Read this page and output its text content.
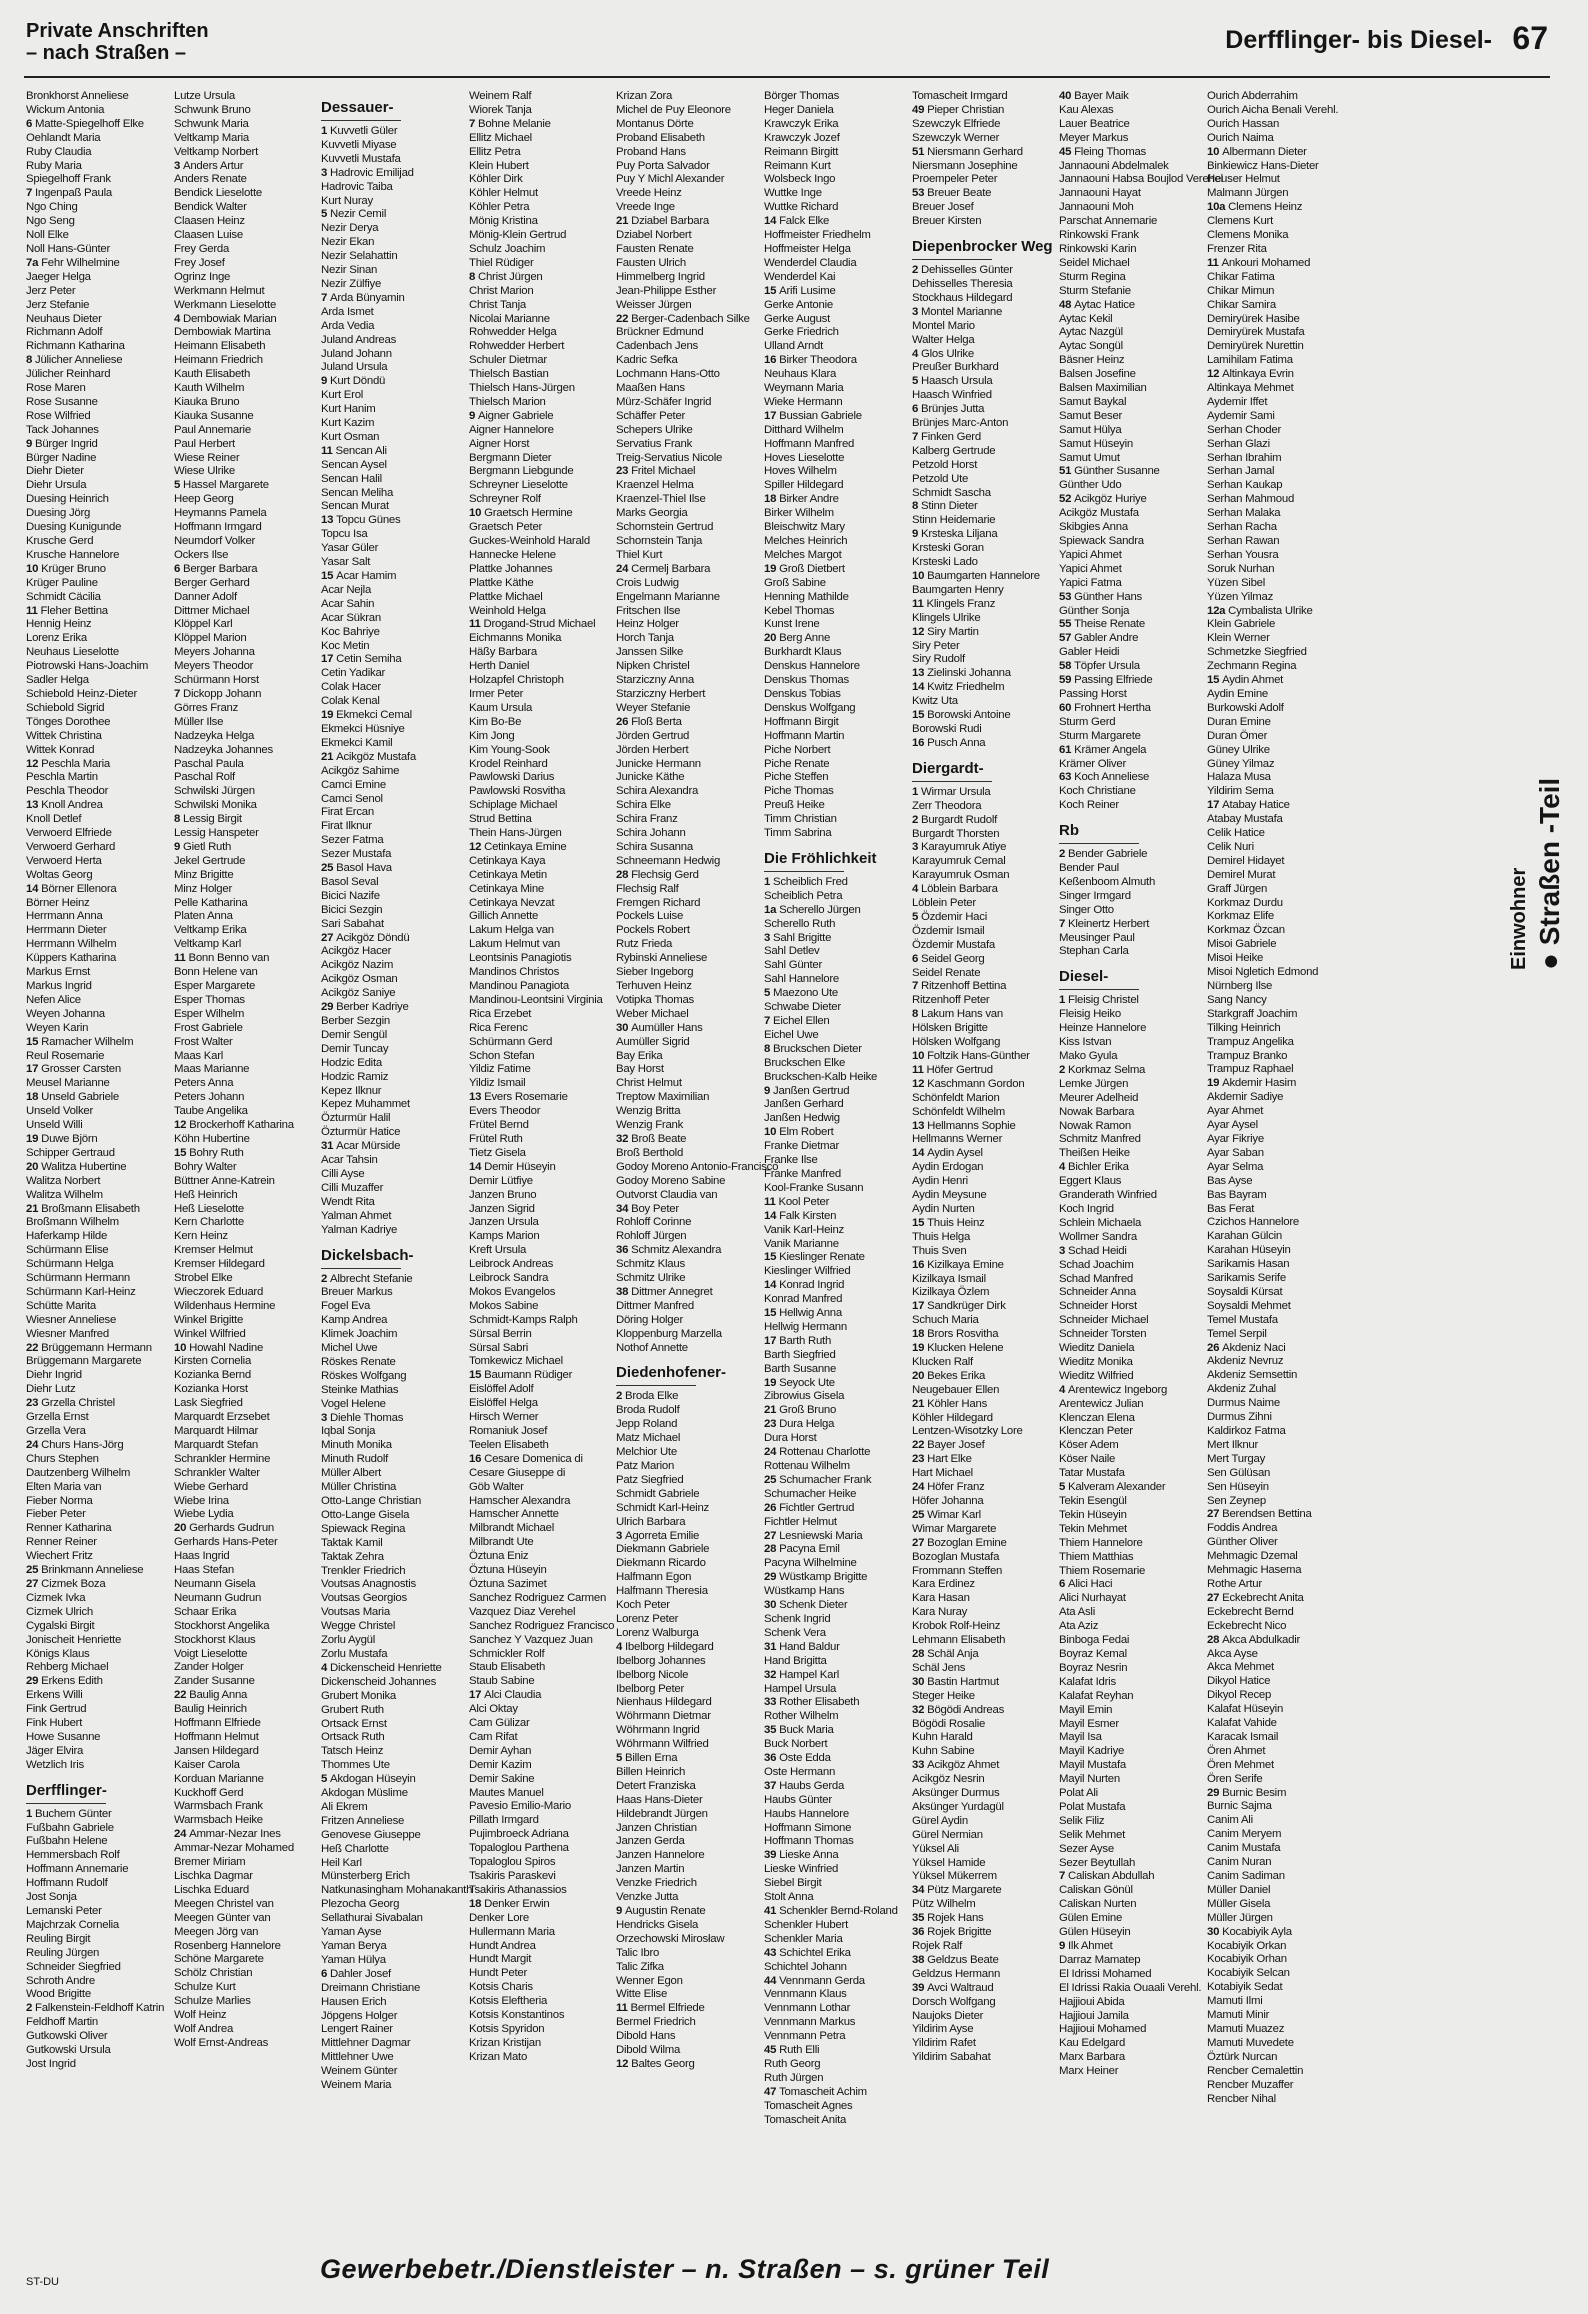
Private Anschriften
– nach Straßen –	Derfflinger- bis Diesel- 67
Bronkhorst Anneliese
Wickum Antonia
6 Matte-Spiegelhoff Elke
Oehlandt Maria
Ruby Claudia
Ruby Maria
Spiegelhoff Frank
7 Ingenpaß Paula
Ngo Ching
Ngo Seng
Noll Elke
Noll Hans-Günter
7a Fehr Wilhelmine
Jaeger Helga
Jerz Peter
Jerz Stefanie
Neuhaus Dieter
Richmann Adolf
Richmann Katharina
8 Jülicher Anneliese
Jülicher Reinhard
Rose Maren
Rose Susanne
Rose Wilfried
Tack Johannes
9 Bürger Ingrid
Bürger Nadine
Diehr Dieter
Diehr Ursula
Duesing Heinrich
Duesing Jörg
Duesing Kunigunde
Krusche Gerd
Krusche Hannelore
10 Krüger Bruno
Krüger Pauline
Schmidt Cäcilia
11 Fleher Bettina
Hennig Heinz
Lorenz Erika
Neuhaus Lieselotte
Piotrowski Hans-Joachim
Sadler Helga
Schiebold Heinz-Dieter
Schiebold Sigrid
Tönges Dorothee
Wittek Christina
Wittek Konrad
12 Peschla Maria
Peschla Martin
Peschla Theodor
13 Knoll Andrea
Knoll Detlef
Verwoerd Elfriede
Verwoerd Gerhard
Verwoerd Herta
Woltas Georg
14 Börner Ellenora
Börner Heinz
Herrmann Anna
Herrmann Dieter
Herrmann Wilhelm
Küppers Katharina
Markus Ernst
Markus Ingrid
Nefen Alice
Weyen Johanna
Weyen Karin
15 Ramacher Wilhelm
Reul Rosemarie
17 Grosser Carsten
Meusel Marianne
18 Unseld Gabriele
Unseld Volker
Unseld Willi
19 Duwe Björn
Schipper Gertraud
20 Walitza Hubertine
Walitza Norbert
Walitza Wilhelm
21 Broßmann Elisabeth
Broßmann Wilhelm
Haferkamp Hilde
Schürmann Elise
Schürmann Helga
Schürmann Hermann
Schürmann Karl-Heinz
Schütte Marita
Wiesner Anneliese
Wiesner Manfred
22 Brüggemann Hermann
Brüggemann Margarete
Diehr Ingrid
Diehr Lutz
23 Grzella Christel
Grzella Ernst
Grzella Vera
24 Churs Hans-Jörg
Churs Stephen
Dautzenberg Wilhelm
Elten Maria van
Fieber Norma
Fieber Peter
Renner Katharina
Renner Reiner
Wiechert Fritz
25 Brinkmann Anneliese
27 Cizmek Boza
Cizmek Ivka
Cizmek Ulrich
Cygalski Birgit
Jonischeit Henriette
Königs Klaus
Rehberg Michael
29 Erkens Edith
Erkens Willi
Fink Gertrud
Fink Hubert
Howe Susanne
Jäger Elvira
Wetzlich Iris
Derfflinger-
1 Buchem Günter
Fußbahn Gabriele
Fußbahn Helene
Hemmersbach Rolf
Hoffmann Annemarie
Hoffmann Rudolf
Jost Sonja
Lemanski Peter
Majchrzak Cornelia
Reuling Birgit
Reuling Jürgen
Schneider Siegfried
Schroth Andre
Wood Brigitte
2 Falkenstein-Feldhoff Katrin
Feldhoff Martin
Gutkowski Oliver
Gutkowski Ursula
Jost Ingrid
Lutze Ursula
Schwunk Bruno
Schwunk Maria
Veltkamp Maria
Veltkamp Norbert
3 Anders Artur
Anders Renate
Bendick Lieselotte
Bendick Walter
Claasen Heinz
Claasen Luise
Frey Gerda
Frey Josef
Ogrinz Inge
Werkmann Helmut
Werkmann Lieselotte
4 Dembowiak Marian
Dembowiak Martina
Heimann Elisabeth
Heimann Friedrich
Kauth Elisabeth
Kauth Wilhelm
Kiauka Bruno
Kiauka Susanne
Paul Annemarie
Paul Herbert
Wiese Reiner
Wiese Ulrike
5 Hassel Margarete
Heep Georg
Heymanns Pamela
Hoffmann Irmgard
Neumdorf Volker
Ockers Ilse
6 Berger Barbara
Berger Gerhard
Danner Adolf
Dittmer Michael
Klöppel Karl
Klöppel Marion
Meyers Johanna
Meyers Theodor
Schürmann Horst
7 Dickopp Johann
Görres Franz
Müller Ilse
Nadzeyka Helga
Nadzeyka Johannes
Paschal Paula
Paschal Rolf
Schwilski Jürgen
Schwilski Monika
8 Lessig Birgit
Lessig Hanspeter
9 Gietl Ruth
Jekel Gertrude
Minz Brigitte
Minz Holger
Pelle Katharina
Platen Anna
Veltkamp Erika
Veltkamp Karl
11 Bonn Benno van
Bonn Helene van
Esper Margarete
Esper Thomas
Esper Wilhelm
Frost Gabriele
Frost Walter
Maas Karl
Maas Marianne
Peters Anna
Peters Johann
Taube Angelika
12 Brockerhoff Katharina
Köhn Hubertine
15 Bohry Ruth
Bohry Walter
Büttner Anne-Katrein
Heß Heinrich
Heß Lieselotte
Kern Charlotte
Kern Heinz
Kremser Helmut
Kremser Hildegard
Strobel Elke
Wieczorek Eduard
Wildenhaus Hermine
Winkel Brigitte
Winkel Wilfried
10 Howahl Nadine
Kirsten Cornelia
Kozianka Bernd
Kozianka Horst
Lask Siegfried
Marquardt Erzsebet
Marquardt Hilmar
Marquardt Stefan
Schrankler Hermine
Schrankler Walter
Wiebe Gerhard
Wiebe Irina
Wiebe Lydia
20 Gerhards Gudrun
Gerhards Hans-Peter
Haas Ingrid
Haas Stefan
Neumann Gisela
Neumann Gudrun
Schaar Erika
Stockhorst Angelika
Stockhorst Klaus
Voigt Lieselotte
Zander Holger
Zander Susanne
22 Baulig Anna
Baulig Heinrich
Hoffmann Elfriede
Hoffmann Helmut
Jansen Hildegard
Kaiser Carola
Korduan Marianne
Kuckhoff Gerd
Warmsbach Frank
Warmsbach Heike
24 Ammar-Nezar Ines
Ammar-Nezar Mohamed
Bremer Miriam
Lischka Dagmar
Lischka Eduard
Meegen Christel van
Meegen Günter van
Meegen Jörg van
Rosenberg Hannelore
Schöne Margarete
Schölz Christian
Schulze Kurt
Schulze Marlies
Wolf Heinz
Wolf Andrea
Wolf Ernst-Andreas
Dessauer-
1 Kuvvetli Güler
Kuvvetli Miyase
Kuvvetli Mustafa
3 Hadrovic Emilijad
Hadrovic Taiba
Kurt Nuray
5 Nezir Cemil
Nezir Derya
Nezir Ekan
Nezir Selahattin
Nezir Sinan
Nezir Zülfiye
7 Arda Bünyamin
Arda Ismet
Arda Vedia
Juland Andreas
Juland Johann
Juland Ursula
9 Kurt Döndü
Kurt Erol
Kurt Hanim
Kurt Kazim
Kurt Osman
11 Sencan Ali
Sencan Aysel
Sencan Halil
Sencan Meliha
Sencan Murat
13 Topcu Günes
Topcu Isa
Yasar Güler
Yasar Salt
15 Acar Hamim
Acar Nejla
Acar Sahin
Acar Sükran
Koc Bahriye
Koc Metin
17 Cetin Semiha
Cetin Yadikar
Colak Hacer
Colak Kenal
19 Ekmekci Cemal
Ekmekci Hüsniye
Ekmekci Kamil
21 Acikgöz Mustafa
Acikgöz Sahime
Camci Emine
Camci Senol
Firat Ercan
Firat Ilknur
Sezer Fatma
Sezer Mustafa
25 Basol Hava
Basol Seval
Bicici Nazife
Bicici Sezgin
Sari Sabahat
27 Acikgöz Döndü
Acikgöz Hacer
Acikgöz Nazim
Acikgöz Osman
Acikgöz Saniye
29 Berber Kadriye
Berber Sezgin
Demir Sengül
Demir Tuncay
Hodzic Edita
Hodzic Ramiz
Kepez Ilknur
Kepez Muhammet
Özturmür Halil
Özturmür Hatice
31 Acar Mürside
Acar Tahsin
Cilli Ayse
Cilli Muzaffer
Wendt Rita
Yalman Ahmet
Yalman Kadriye
Dickelsbach-
2 Albrecht Stefanie
Breuer Markus
Fogel Eva
Kamp Andrea
Klimek Joachim
Michel Uwe
Röskes Renate
Röskes Wolfgang
Steinke Mathias
Vogel Helene
3 Diehle Thomas
Iqbal Sonja
Minuth Monika
Minuth Rudolf
Müller Albert
Müller Christina
Otto-Lange Christian
Otto-Lange Gisela
Spiewack Regina
Taktak Kamil
Taktak Zehra
Trenkler Friedrich
Voutsas Anagnostis
Voutsas Georgios
Voutsas Maria
Wegge Christel
Zorlu Aygül
Zorlu Mustafa
4 Dickenscheid Henriette
Dickenscheid Johannes
Grubert Monika
Grubert Ruth
Ortsack Ernst
Ortsack Ruth
Tatsch Heinz
Thommes Ute
5 Akdogan Hüseyin
Akdogan Müslime
Ali Ekrem
Fritzen Anneliese
Genovese Giuseppe
Heß Charlotte
Heil Karl
Münsterberg Erich
Natkunasingham Mohanakanth
Plezocha Georg
Sellathurai Sivabalan
Yaman Ayse
Yaman Berya
Yaman Hülya
6 Dahler Josef
Dreimann Christiane
Hausen Erich
Jöpgens Holger
Lengert Rainer
Mittlehner Dagmar
Mittlehner Uwe
Weinem Günter
Weinem Maria
Weinem Ralf
Wiorek Tanja
7 Bohne Melanie
Ellitz Michael
Ellitz Petra
Klein Hubert
Köhler Dirk
Köhler Helmut
Köhler Petra
Mönig Kristina
Mönig-Klein Gertrud
Schulz Joachim
Thiel Rüdiger
8 Christ Jürgen
Christ Marion
Christ Tanja
Nicolai Marianne
Rohwedder Helga
Rohwedder Herbert
Schuler Dietmar
Thielsch Bastian
Thielsch Hans-Jürgen
Thielsch Marion
9 Aigner Gabriele
Aigner Hannelore
Aigner Horst
Bergmann Dieter
Bergmann Liebgunde
Schreyner Lieselotte
Schreyner Rolf
10 Graetsch Hermine
Graetsch Peter
Guckes-Weinhold Harald
Hannecke Helene
Plattke Johannes
Plattke Käthe
Plattke Michael
Weinhold Helga
11 Drogand-Strud Michael
Eichmanns Monika
Häßy Barbara
Herth Daniel
Holzapfel Christoph
Irmer Peter
Kaum Ursula
Kim Bo-Be
Kim Jong
Kim Young-Sook
Krodel Reinhard
Pawlowski Darius
Pawlowski Rosvitha
Schiplage Michael
Strud Bettina
Thein Hans-Jürgen
12 Cetinkaya Emine
Cetinkaya Kaya
Cetinkaya Metin
Cetinkaya Mine
Cetinkaya Nevzat
Gillich Annette
Lakum Helga van
Lakum Helmut van
Leontsinis Panagiotis
Mandinos Christos
Mandinou Panagiota
Mandinou-Leontsini Virginia
Rica Erzebet
Rica Ferenc
Schürmann Gerd
Schon Stefan
Yildiz Fatime
Yildiz Ismail
13 Evers Rosemarie
Evers Theodor
Frütel Bernd
Frütel Ruth
Tietz Gisela
14 Demir Hüseyin
Demir Lütfiye
Janzen Bruno
Janzen Sigrid
Janzen Ursula
Kamps Marion
Kreft Ursula
Leibrock Andreas
Leibrock Sandra
Mokos Evangelos
Mokos Sabine
Schmidt-Kamps Ralph
Sürsal Berrin
Sürsal Sabri
Tomkewicz Michael
15 Baumann Rüdiger
Eislöffel Adolf
Eislöffel Helga
Hirsch Werner
Romaniuk Josef
Teelen Elisabeth
16 Cesare Domenica di
Cesare Giuseppe di
Göb Walter
Hamscher Alexandra
Hamscher Annette
Milbrandt Michael
Milbrandt Ute
Öztuna Eniz
Öztuna Hüseyin
Öztuna Sazimet
Sanchez Rodriguez Carmen
Vazquez Diaz Verehel
Sanchez Rodriguez Francisco
Sanchez Y Vazquez Juan
Schmickler Rolf
Staub Elisabeth
Staub Sabine
17 Alci Claudia
Alci Oktay
Cam Gülizar
Cam Rifat
Demir Ayhan
Demir Kazim
Demir Sakine
Mautes Manuel
Pavesio Emilio-Mario
Pillath Irmgard
Pujimbroeck Adriana
Topaloglou Parthena
Topaloglou Spiros
Tsakiris Paraskevi
Tsakiris Athanassios
18 Denker Erwin
Denker Lore
Hullermann Maria
Hundt Andrea
Hundt Margit
Hundt Peter
Kotsis Charis
Kotsis Eleftheria
Kotsis Konstantinos
Kotsis Spyridon
Krizan Kristijan
Krizan Mato
Krizan Zora
Michel de Puy Eleonore
Montanus Dörte
Proband Elisabeth
Proband Hans
Puy Porta Salvador
Puy Y Michl Alexander
Vreede Heinz
Vreede Inge
21 Dziabel Barbara
Dziabel Norbert
Fausten Renate
Fausten Ulrich
Himmelberg Ingrid
Jean-Philippe Esther
Weisser Jürgen
22 Berger-Cadenbach Silke
Brückner Edmund
Cadenbach Jens
Kadric Sefka
Lochmann Hans-Otto
Maaßen Hans
Mürz-Schäfer Ingrid
Schäffer Peter
Schepers Ulrike
Servatius Frank
Treig-Servatius Nicole
23 Fritel Michael
Kraenzel Helma
Kraenzel-Thiel Ilse
Marks Georgia
Schornstein Gertrud
Schornstein Tanja
Thiel Kurt
24 Cermelj Barbara
Crois Ludwig
Engelmann Marianne
Fritschen Ilse
Heinz Holger
Horch Tanja
Janssen Silke
Nipken Christel
Starziczny Anna
Starziczny Herbert
Weyer Stefanie
26 Floß Berta
Jörden Gertrud
Jörden Herbert
Junicke Hermann
Junicke Käthe
Schira Alexandra
Schira Elke
Schira Franz
Schira Johann
Schira Susanna
Schneemann Hedwig
28 Flechsig Gerd
Flechsig Ralf
Fremgen Richard
Pockels Luise
Pockels Robert
Rutz Frieda
Rybinski Anneliese
Sieber Ingeborg
Terhuven Heinz
Votipka Thomas
Weber Michael
30 Aumüller Hans
Aumüller Sigrid
Bay Erika
Bay Horst
Christ Helmut
Treptow Maximilian
Wenzig Britta
Wenzig Frank
32 Broß Beate
Broß Berthold
Godoy Moreno Antonio-Francisco
Godoy Moreno Sabine
Outvorst Claudia van
34 Boy Peter
Rohloff Corinne
Rohloff Jürgen
36 Schmitz Alexandra
Schmitz Klaus
Schmitz Ulrike
38 Dittmer Annegret
Dittmer Manfred
Döring Holger
Kloppenburg Marzella
Nothof Annette
Diedenhofener-
2 Broda Elke
Broda Rudolf
Jepp Roland
Matz Michael
Melchior Ute
Patz Marion
Patz Siegfried
Schmidt Gabriele
Schmidt Karl-Heinz
Ulrich Barbara
3 Agorreta Emilie
Diekmann Gabriele
Diekmann Ricardo
Halfmann Egon
Halfmann Theresia
Koch Peter
Lorenz Peter
Lorenz Walburga
4 Ibelborg Hildegard
Ibelborg Johannes
Ibelborg Nicole
Ibelborg Peter
Nienhaus Hildegard
Wöhrmann Dietmar
Wöhrmann Ingrid
Wöhrmann Wilfried
5 Billen Erna
Billen Heinrich
Detert Franziska
Haas Hans-Dieter
Hildebrandt Jürgen
Janzen Christian
Janzen Gerda
Janzen Hannelore
Janzen Martin
Venzke Friedrich
Venzke Jutta
9 Augustin Renate
Hendricks Gisela
Orzechowski Mirosław
Talic Ibro
Talic Zifka
Wenner Egon
Witte Elise
11 Bermel Elfriede
Bermel Friedrich
Dibold Hans
Dibold Wilma
12 Baltes Georg
Börger Thomas
Heger Daniela
Krawczyk Erika
Krawczyk Jozef
Reimann Birgitt
Reimann Kurt
Wolsbeck Ingo
Wuttke Inge
Wuttke Richard
14 Falck Elke
Hoffmeister Friedhelm
Hoffmeister Helga
Wenderdel Claudia
Wenderdel Kai
15 Arifi Lusime
Gerke Antonie
Gerke August
Gerke Friedrich
Ulland Arndt
16 Birker Theodora
Neuhaus Klara
Weymann Maria
Wieke Hermann
17 Bussian Gabriele
Ditthard Wilhelm
Hoffmann Manfred
Hoves Lieselotte
Hoves Wilhelm
Spiller Hildegard
18 Birker Andre
Birker Wilhelm
Bleischwitz Mary
Melches Heinrich
Melches Margot
19 Groß Dietbert
Groß Sabine
Henning Mathilde
Kebel Thomas
Kunst Irene
20 Berg Anne
Burkhardt Klaus
Denskus Hannelore
Denskus Thomas
Denskus Tobias
Denskus Wolfgang
Hoffmann Birgit
Hoffmann Martin
Piche Norbert
Piche Renate
Piche Steffen
Piche Thomas
Preuß Heike
Timm Christian
Timm Sabrina
Die Fröhlichkeit
1 Scheiblich Fred
Scheiblich Petra
1a Scherello Jürgen
Scherello Ruth
3 Sahl Brigitte
Sahl Detlev
Sahl Günter
Sahl Hannelore
5 Maezono Ute
Schwabe Dieter
7 Eichel Ellen
Eichel Uwe
8 Bruckschen Dieter
Bruckschen Elke
Bruckschen-Kalb Heike
9 Janßen Gertrud
Janßen Gerhard
Janßen Hedwig
10 Elm Robert
Franke Dietmar
Franke Ilse
Franke Manfred
Kool-Franke Susann
11 Kool Peter
14 Falk Kirsten
Vanik Karl-Heinz
Vanik Marianne
15 Kieslinger Renate
Kieslinger Wilfried
14 Konrad Ingrid
Konrad Manfred
15 Hellwig Anna
Hellwig Hermann
17 Barth Ruth
Barth Siegfried
Barth Susanne
19 Seyock Ute
Zibrowius Gisela
21 Groß Bruno
23 Dura Helga
Dura Horst
24 Rottenau Charlotte
Rottenau Wilhelm
25 Schumacher Frank
Schumacher Heike
26 Fichtler Gertrud
Fichtler Helmut
27 Lesniewski Maria
28 Pacyna Emil
Pacyna Wilhelmine
29 Wüstkamp Brigitte
Wüstkamp Hans
30 Schenk Dieter
Schenk Ingrid
Schenk Vera
31 Hand Baldur
Hand Brigitta
32 Hampel Karl
Hampel Ursula
33 Rother Elisabeth
Rother Wilhelm
35 Buck Maria
Buck Norbert
36 Oste Edda
Oste Hermann
37 Haubs Gerda
Haubs Günter
Haubs Hannelore
Hoffmann Simone
Hoffmann Thomas
39 Lieske Anna
Lieske Winfried
Siebel Birgit
Stolt Anna
41 Schenkler Bernd-Roland
Schenkler Hubert
Schenkler Maria
43 Schichtel Erika
Schichtel Johann
44 Vennmann Gerda
Vennmann Klaus
Vennmann Lothar
Vennmann Markus
Vennmann Petra
45 Ruth Elli
Ruth Georg
Ruth Jürgen
47 Tomascheit Achim
Tomascheit Agnes
Tomascheit Anita
Tomascheit Irmgard
49 Pieper Christian
Szewczyk Elfriede
Szewczyk Werner
51 Niersmann Gerhard
Niersmann Josephine
Proempeler Peter
53 Breuer Beate
Breuer Josef
Breuer Kirsten
Diepenbrocker Weg
2 Dehisselles Günter
Dehisselles Theresia
Stockhaus Hildegard
3 Montel Marianne
Montel Mario
Walter Helga
4 Glos Ulrike
Preußer Burkhard
5 Haasch Ursula
Haasch Winfried
6 Brünjes Jutta
Brünjes Marc-Anton
7 Finken Gerd
Kalberg Gertrude
Petzold Horst
Petzold Ute
Schmidt Sascha
8 Stinn Dieter
Stinn Heidemarie
9 Krsteska Liljana
Krsteski Goran
Krsteski Lado
10 Baumgarten Hannelore
Baumgarten Henry
11 Klingels Franz
Klingels Ulrike
12 Siry Martin
Siry Peter
Siry Rudolf
13 Zielinski Johanna
14 Kwitz Friedhelm
Kwitz Uta
15 Borowski Antoine
Borowski Rudi
16 Pusch Anna
Diergardt-
1 Wirmar Ursula
Zerr Theodora
2 Burgardt Rudolf
Burgardt Thorsten
3 Karayumruk Atiye
Karayumruk Cemal
Karayumruk Osman
4 Löblein Barbara
Löblein Peter
5 Özdemir Haci
Özdemir Ismail
Özdemir Mustafa
6 Seidel Georg
Seidel Renate
7 Ritzenhoff Bettina
Ritzenhoff Peter
8 Lakum Hans van
Hölsken Brigitte
Hölsken Wolfgang
10 Foltzik Hans-Günther
11 Höfer Gertrud
12 Kaschmann Gordon
Schönfeldt Marion
Schönfeldt Wilhelm
13 Hellmanns Sophie
Hellmanns Werner
14 Aydin Aysel
Aydin Erdogan
Aydin Henri
Aydin Meysune
Aydin Nurten
15 Thuis Heinz
Thuis Helga
Thuis Sven
16 Kizilkaya Emine
Kizilkaya Ismail
Kizilkaya Özlem
17 Sandkrüger Dirk
Schuch Maria
18 Brors Rosvitha
19 Klucken Helene
Klucken Ralf
20 Bekes Erika
Neugebauer Ellen
21 Köhler Hans
Köhler Hildegard
Lentzen-Wisotzky Lore
22 Bayer Josef
23 Hart Elke
Hart Michael
24 Höfer Franz
Höfer Johanna
25 Wimar Karl
Wimar Margarete
27 Bozoglan Emine
Bozoglan Mustafa
Frommann Steffen
Kara Erdinez
Kara Hasan
Kara Nuray
Krobok Rolf-Heinz
Lehmann Elisabeth
28 Schäl Anja
Schäl Jens
30 Bastin Hartmut
Steger Heike
32 Bögödi Andreas
Bögödi Rosalie
Kuhn Harald
Kuhn Sabine
33 Acikgöz Ahmet
Acikgöz Nesrin
Aksünger Durmus
Aksünger Yurdagül
Gürel Aydin
Gürel Nermian
Yüksel Ali
Yüksel Hamide
Yüksel Mükerrem
34 Pütz Margarete
Pütz Wilhelm
35 Rojek Hans
36 Rojek Brigitte
Rojek Ralf
38 Geldzus Beate
Geldzus Hermann
39 Avci Waltraud
Dorsch Wolfgang
Naujoks Dieter
Yildirim Ayse
Yildirim Rafet
Yildirim Sabahat
40 Bayer Maik
Kau Alexas
Lauer Beatrice
Meyer Markus
45 Fleing Thomas
Jannaouni Abdelmalek
Jannaouni Habsa Boujlod Verehel
Jannaouni Hayat
Jannaouni Moh
Parschat Annemarie
Rinkowski Frank
Rinkowski Karin
Seidel Michael
Sturm Regina
Sturm Stefanie
48 Aytac Hatice
Aytac Kekil
Aytac Nazgül
Aytac Songül
Bäsner Heinz
Balsen Josefine
Balsen Maximilian
Samut Baykal
Samut Beser
Samut Hülya
Samut Hüseyin
Samut Umut
51 Günther Susanne
Günther Udo
52 Acikgöz Huriye
Acikgöz Mustafa
Skibgies Anna
Spiewack Sandra
Yapici Ahmet
Yapici Ahmet
Yapici Fatma
53 Günther Hans
Günther Sonja
55 Theise Renate
57 Gabler Andre
Gabler Heidi
58 Töpfer Ursula
59 Passing Elfriede
Passing Horst
60 Frohnert Hertha
Sturm Gerd
Sturm Margarete
61 Krämer Angela
Krämer Oliver
63 Koch Anneliese
Koch Christiane
Koch Reiner
Rb
2 Bender Gabriele
Bender Paul
Keßenboom Almuth
Singer Irmgard
Singer Otto
7 Kleinertz Herbert
Meusinger Paul
Stephan Carla
Diesel-
1 Fleisig Christel
Fleisig Heiko
Heinze Hannelore
Kiss Istvan
Mako Gyula
2 Korkmaz Selma
Lemke Jürgen
Meurer Adelheid
Nowak Barbara
Nowak Ramon
Schmitz Manfred
Theißen Heike
4 Bichler Erika
Eggert Klaus
Granderath Winfried
Koch Ingrid
Schlein Michaela
Wollmer Sandra
3 Schad Heidi
Schad Joachim
Schad Manfred
Schneider Anna
Schneider Horst
Schneider Michael
Schneider Torsten
Wieditz Daniela
Wieditz Monika
Wieditz Wilfried
4 Arentewicz Ingeborg
Arentewicz Julian
Klenczan Elena
Klenczan Peter
Köser Adem
Köser Naile
Tatar Mustafa
5 Kalveram Alexander
Tekin Esengül
Tekin Hüseyin
Tekin Mehmet
Thiem Hannelore
Thiem Matthias
Thiem Rosemarie
6 Alici Haci
Alici Nurhayat
Ata Asli
Ata Aziz
Binboga Fedai
Boyraz Kemal
Boyraz Nesrin
Kalafat Idris
Kalafat Reyhan
Mayil Emin
Mayil Esmer
Mayil Isa
Mayil Kadriye
Mayil Mustafa
Mayil Nurten
Polat Ali
Polat Mustafa
Selik Filiz
Selik Mehmet
Sezer Ayse
Sezer Beytullah
7 Caliskan Abdullah
Caliskan Gönül
Caliskan Nurten
Gülen Emine
Gülen Hüseyin
9 Ilk Ahmet
Darraz Mamatep
El Idrissi Mohamed
El Idrissi Rakia Ouaali Verehl.
Hajjioui Abida
Hajjioui Jamila
Hajjioui Mohamed
Kau Edelgard
Marx Barbara
Marx Heiner
Ourich Abderrahim
Ourich Aicha Benali Verehl.
Ourich Hassan
Ourich Naima
10 Albermann Dieter
Binkiewicz Hans-Dieter
Heuser Helmut
Malmann Jürgen
10a Clemens Heinz
Clemens Kurt
Clemens Monika
Frenzer Rita
11 Ankouri Mohamed
Chikar Fatima
Chikar Mimun
Chikar Samira
Demiryürek Hasibe
Demiryürek Mustafa
Demiryürek Nurettin
Lamihilam Fatima
12 Altinkaya Evrin
Altinkaya Mehmet
Aydemir Iffet
Aydemir Sami
Serhan Choder
Serhan Glazi
Serhan Ibrahim
Serhan Jamal
Serhan Kaukap
Serhan Mahmoud
Serhan Malaka
Serhan Racha
Serhan Rawan
Serhan Yousra
Soruk Nurhan
Yüzen Sibel
Yüzen Yilmaz
12a Cymbalista Ulrike
Klein Gabriele
Klein Werner
Schmetzke Siegfried
Zechmann Regina
15 Aydin Ahmet
Aydin Emine
Burkowski Adolf
Duran Emine
Duran Ömer
Güney Ulrike
Güney Yilmaz
Halaza Musa
Yildirim Sema
17 Atabay Hatice
Atabay Mustafa
Celik Hatice
Celik Nuri
Demirel Hidayet
Demirel Murat
Graff Jürgen
Korkmaz Durdu
Korkmaz Elife
Korkmaz Özcan
Misoi Gabriele
Misoi Heike
Misoi Ngletich Edmond
Nürnberg Ilse
Sang Nancy
Starkgraff Joachim
Tilking Heinrich
Trampuz Angelika
Trampuz Branko
Trampuz Raphael
19 Akdemir Hasim
Akdemir Sadiye
Ayar Ahmet
Ayar Aysel
Ayar Fikriye
Ayar Saban
Ayar Selma
Bas Ayse
Bas Bayram
Bas Ferat
Czichos Hannelore
Karahan Gülcin
Karahan Hüseyin
Sarikamis Hasan
Sarikamis Serife
Soysaldi Kürsat
Soysaldi Mehmet
Temel Mustafa
Temel Serpil
26 Akdeniz Naci
Akdeniz Nevruz
Akdeniz Semsettin
Akdeniz Zuhal
Durmus Naime
Durmus Zihni
Kaldirkoz Fatma
Mert Ilknur
Mert Turgay
Sen Gülüsan
Sen Hüseyin
Sen Zeynep
27 Berendsen Bettina
Foddis Andrea
Günther Oliver
Mehmagic Dzemal
Mehmagic Hasema
Rothe Artur
27 Eckebrecht Anita
Eckebrecht Bernd
Eckebrecht Nico
28 Akca Abdulkadir
Akca Ayse
Akca Mehmet
Dikyol Hatice
Dikyol Recep
Kalafat Hüseyin
Kalafat Vahide
Karacak Ismail
Ören Ahmet
Ören Mehmet
Ören Serife
29 Burnic Besim
Burnic Sajma
Canim Ali
Canim Meryem
Canim Mustafa
Canim Nuran
Canim Sadiman
Müller Daniel
Müller Gisela
Müller Jürgen
30 Kocabiyik Ayla
Kocabiyik Orkan
Kocabiyik Orhan
Kocabiyik Selcan
Kotabiyik Sedat
Mamuti Ilmi
Mamuti Minir
Mamuti Muazez
Mamuti Muvedete
Öztürk Nurcan
Rencber Cemalettin
Rencber Muzaffer
Rencber Nihal
Einwohner ● Straßen -Teil
ST-DU	Gewerbebetr./Dienstleister – n. Straßen – s. grüner Teil
